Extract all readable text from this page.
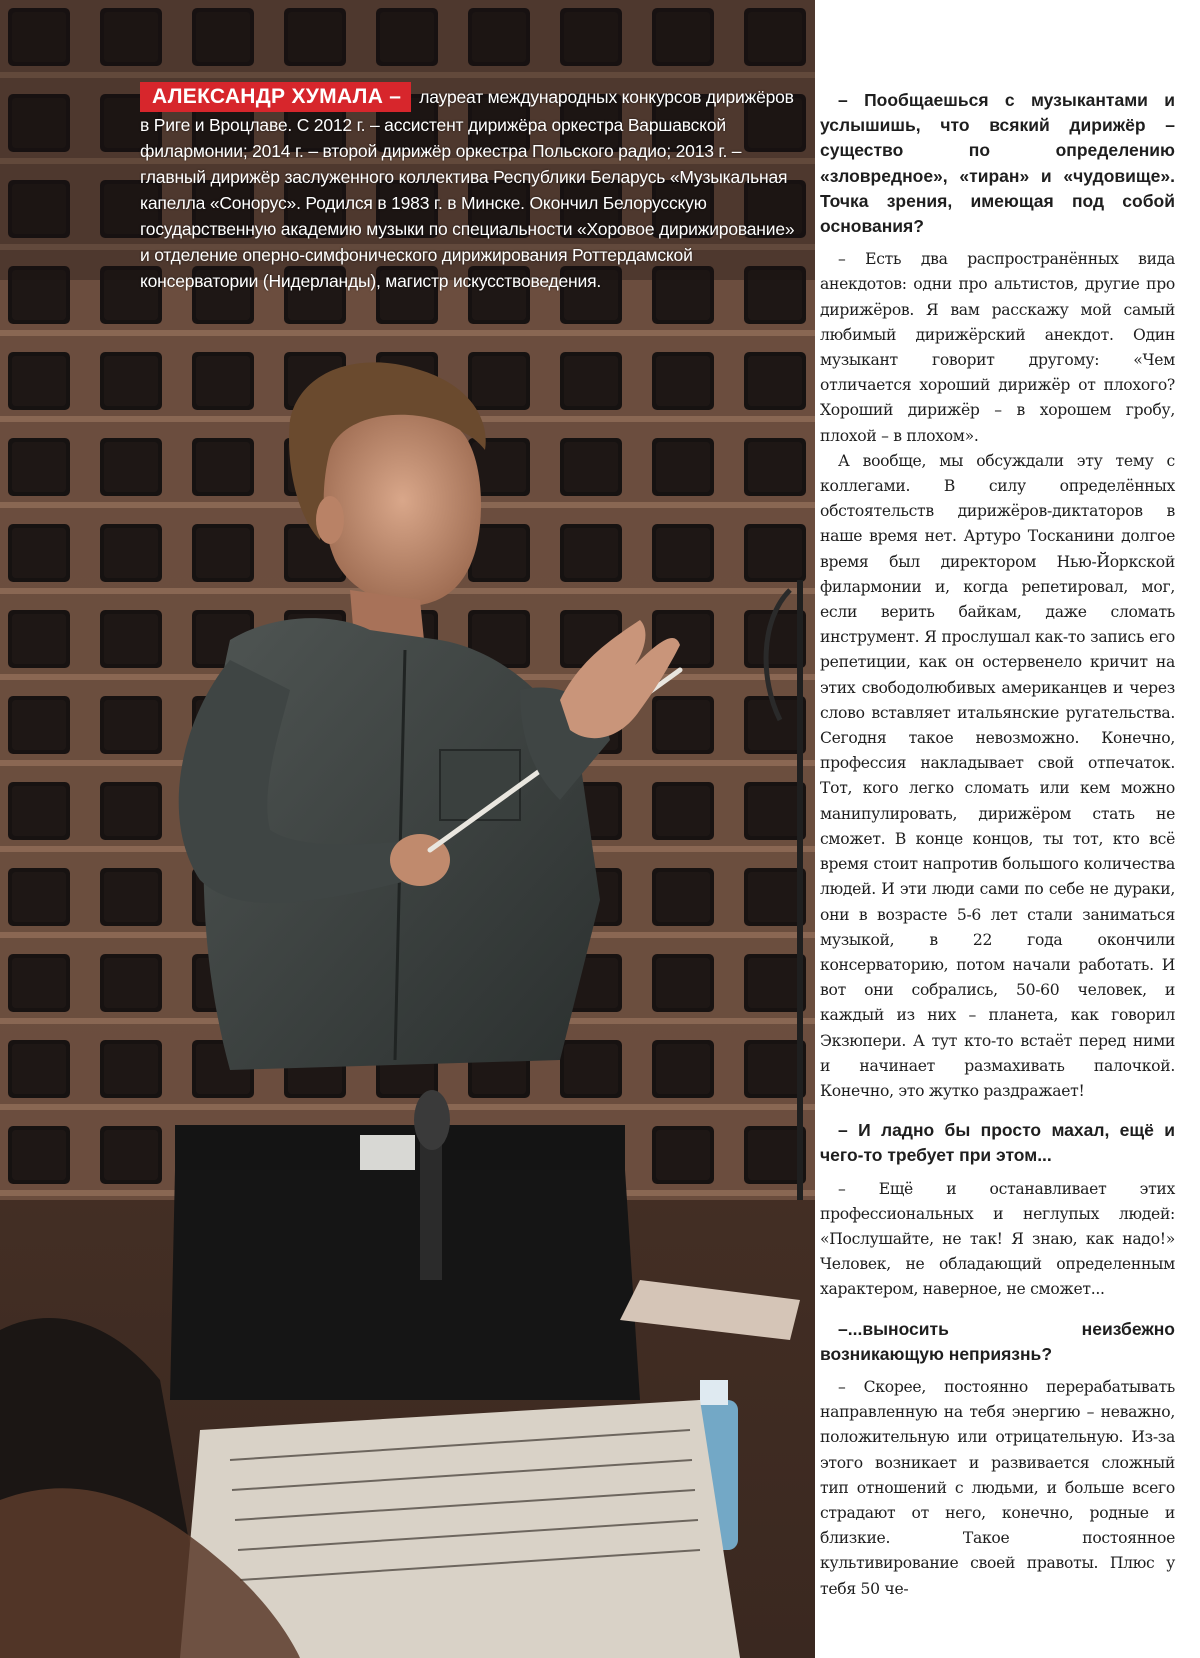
АЛЕКСАНДР ХУМАЛА – лауреат международных конкурсов дирижёров в Риге и Вроцлаве. С 2012 г. – ассистент дирижёра оркестра Варшавской филармонии; 2014 г. – второй дирижёр оркестра Польского радио; 2013 г. – главный дирижёр заслуженного коллектива Республики Беларусь «Музыкальная капелла «Сонорус». Родился в 1983 г. в Минске. Окончил Белорусскую государственную академию музыки по специальности «Хоровое дирижирование» и отделение оперно-симфонического дирижирования Роттердамской консерватории (Нидерланды), магистр искусствоведения.

– Пообщаешься с музыкантами и услышишь, что всякий дирижёр – существо по определению «зловредное», «тиран» и «чудовище». Точка зрения, имеющая под собой основания?

– Есть два распространённых вида анекдотов: одни про альтистов, другие про дирижёров. Я вам расскажу мой самый любимый дирижёрский анекдот. Один музыкант говорит другому: «Чем отличается хороший дирижёр от плохого? Хороший дирижёр – в хорошем гробу, плохой – в плохом».

А вообще, мы обсуждали эту тему с коллегами. В силу определённых обстоятельств дирижёров-диктаторов в наше время нет. Артуро Тосканини долгое время был директором Нью-Йоркской филармонии и, когда репетировал, мог, если верить байкам, даже сломать инструмент. Я прослушал как-то запись его репетиции, как он остервенело кричит на этих свободолюбивых американцев и через слово вставляет итальянские ругательства. Сегодня такое невозможно. Конечно, профессия накладывает свой отпечаток. Тот, кого легко сломать или кем можно манипулировать, дирижёром стать не сможет. В конце концов, ты тот, кто всё время стоит напротив большого количества людей. И эти люди сами по себе не дураки, они в возрасте 5-6 лет стали заниматься музыкой, в 22 года окончили консерваторию, потом начали работать. И вот они собрались, 50-60 человек, и каждый из них – планета, как говорил Экзюпери. А тут кто-то встаёт перед ними и начинает размахивать палочкой. Конечно, это жутко раздражает!

– И ладно бы просто махал, ещё и чего-то требует при этом...

– Ещё и останавливает этих профессиональных и неглупых людей: «Послушайте, не так! Я знаю, как надо!» Человек, не обладающий определенным характером, наверное, не сможет...

–...выносить неизбежно возникающую неприязнь?

– Скорее, постоянно перерабатывать направленную на тебя энергию – неважно, положительную или отрицательную. Из-за этого возникает и развивается сложный тип отношений с людьми, и больше всего страдают от него, конечно, родные и близкие. Такое постоянное культивирование своей правоты. Плюс у тебя 50 че-
